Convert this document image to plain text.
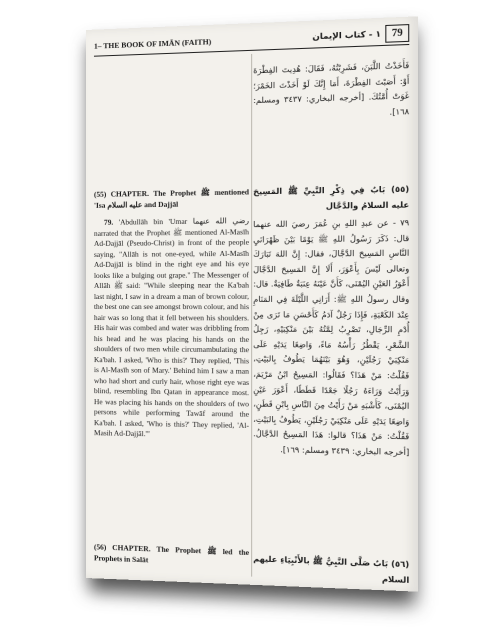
1– THE BOOK OF IMĀN (FAITH)
١ - كتاب الإيمان	79

(55) CHAPTER. The Prophet ﷺ mentioned 'Isa عليه السلام and Dajjāl

79. 'Abdullāh bin 'Umar رضي الله عنهما narrated that the Prophet ﷺ mentioned Al-Masīh Ad-Dajjāl (Pseudo-Christ) in front of the people saying, "Allāh is not one-eyed, while Al-Masīh Ad-Dajjāl is blind in the right eye and his eye looks like a bulging out grape." The Messenger of Allāh ﷺ said: "While sleeping near the Ka'bah last night, I saw in a dream a man of brown colour, the best one can see amongst brown colour, and his hair was so long that it fell between his shoulders. His hair was combed and water was dribbling from his head and he was placing his hands on the shoulders of two men while circumambulating the Ka'bah. I asked, 'Who is this?' They replied, 'This is Al-Masīh son of Mary.' Behind him I saw a man who had short and curly hair, whose right eye was blind, resembling Ibn Qatan in appearance most. He was placing his hands on the shoulders of two persons while performing Tawāf around the Ka'bah. I asked, 'Who is this?' They replied, 'Al-Masih Ad-Dajjāl.'"

(56) CHAPTER. The Prophet ﷺ led the Prophets in Salāt

فَأَخَذْتُ اللَّبَنَ، فَشَرِبْتُهُ، فَقَالَ: هُدِيتَ الفِطْرَةَ أَوْ: أَصَبْتَ الفِطْرَةَ، أَمَا إِنَّكَ لَوْ أَخَذْتَ الخَمْرَ؛ غَوَتْ أُمَّتُكَ. [أخرجه البخاري: ٣٤٣٧ ومسلم: ١٦٨].

(٥٥) بَابٌ فِي ذِكْرِ النَّبِيِّ ﷺ المَسِيحَ عليه السلامُ والدَّجَّال

٧٩ - عن عبدِ اللهِ بنِ عُمَرَ رضيَ الله عنهما قال: ذَكَرَ رَسُولُ اللهِ ﷺ يَوْمًا بَيْنَ ظَهْرَانَيِ النَّاسِ المَسِيحَ الدَّجَّالَ، فقال: إِنَّ اللهَ تَبَارَكَ وتعالى لَيْسَ بِأَعْوَرَ، أَلَا إِنَّ المَسِيحَ الدَّجَّالَ أَعْوَرُ العَيْنِ اليُمْنَى، كَأَنَّ عَيْنَهُ عِنَبَةٌ طَافِيَةٌ. قال: وقال رسولُ اللهِ ﷺ: أَرَانِي اللَّيْلَةَ فِي المَنَامِ عِنْدَ الكَعْبَةِ، فَإِذَا رَجُلٌ آدَمُ كَأَحْسَنِ مَا تَرَى مِنْ أُدْمِ الرِّجَالِ، تَضْرِبُ لِمَّتُهُ بَيْنَ مَنْكِبَيْهِ، رَجِلُ الشَّعْرِ، يَقْطُرُ رَأْسُهُ مَاءً، وَاضِعًا يَدَيْهِ عَلَى مَنْكِبَيْ رَجُلَيْنِ، وَهُوَ بَيْنَهُمَا يَطُوفُ بِالبَيْتِ، فَقُلْتُ: مَنْ هَذَا؟ فَقَالُوا: المَسِيحُ ابْنُ مَرْيَمَ، وَرَأَيْتُ وَرَاءَهُ رَجُلًا جَعْدًا قَطَطًا، أَعْوَرَ عَيْنِ اليُمْنَى، كَأَشْبَهِ مَنْ رَأَيْتُ مِنَ النَّاسِ بِابْنِ قَطَنٍ، وَاضِعًا يَدَيْهِ عَلَى مَنْكِبَيْ رَجُلَيْنِ، يَطُوفُ بِالبَيْتِ، فَقُلْتُ: مَنْ هَذَا؟ قالوا: هَذَا المَسِيحُ الدَّجَّالُ. [أخرجه البخاري: ٣٤٣٩ ومسلم: ١٦٩].

(٥٦) بَابٌ صَلَّى النَّبِيُّ ﷺ بالأَنْبِيَاءِ عليهم السلام
